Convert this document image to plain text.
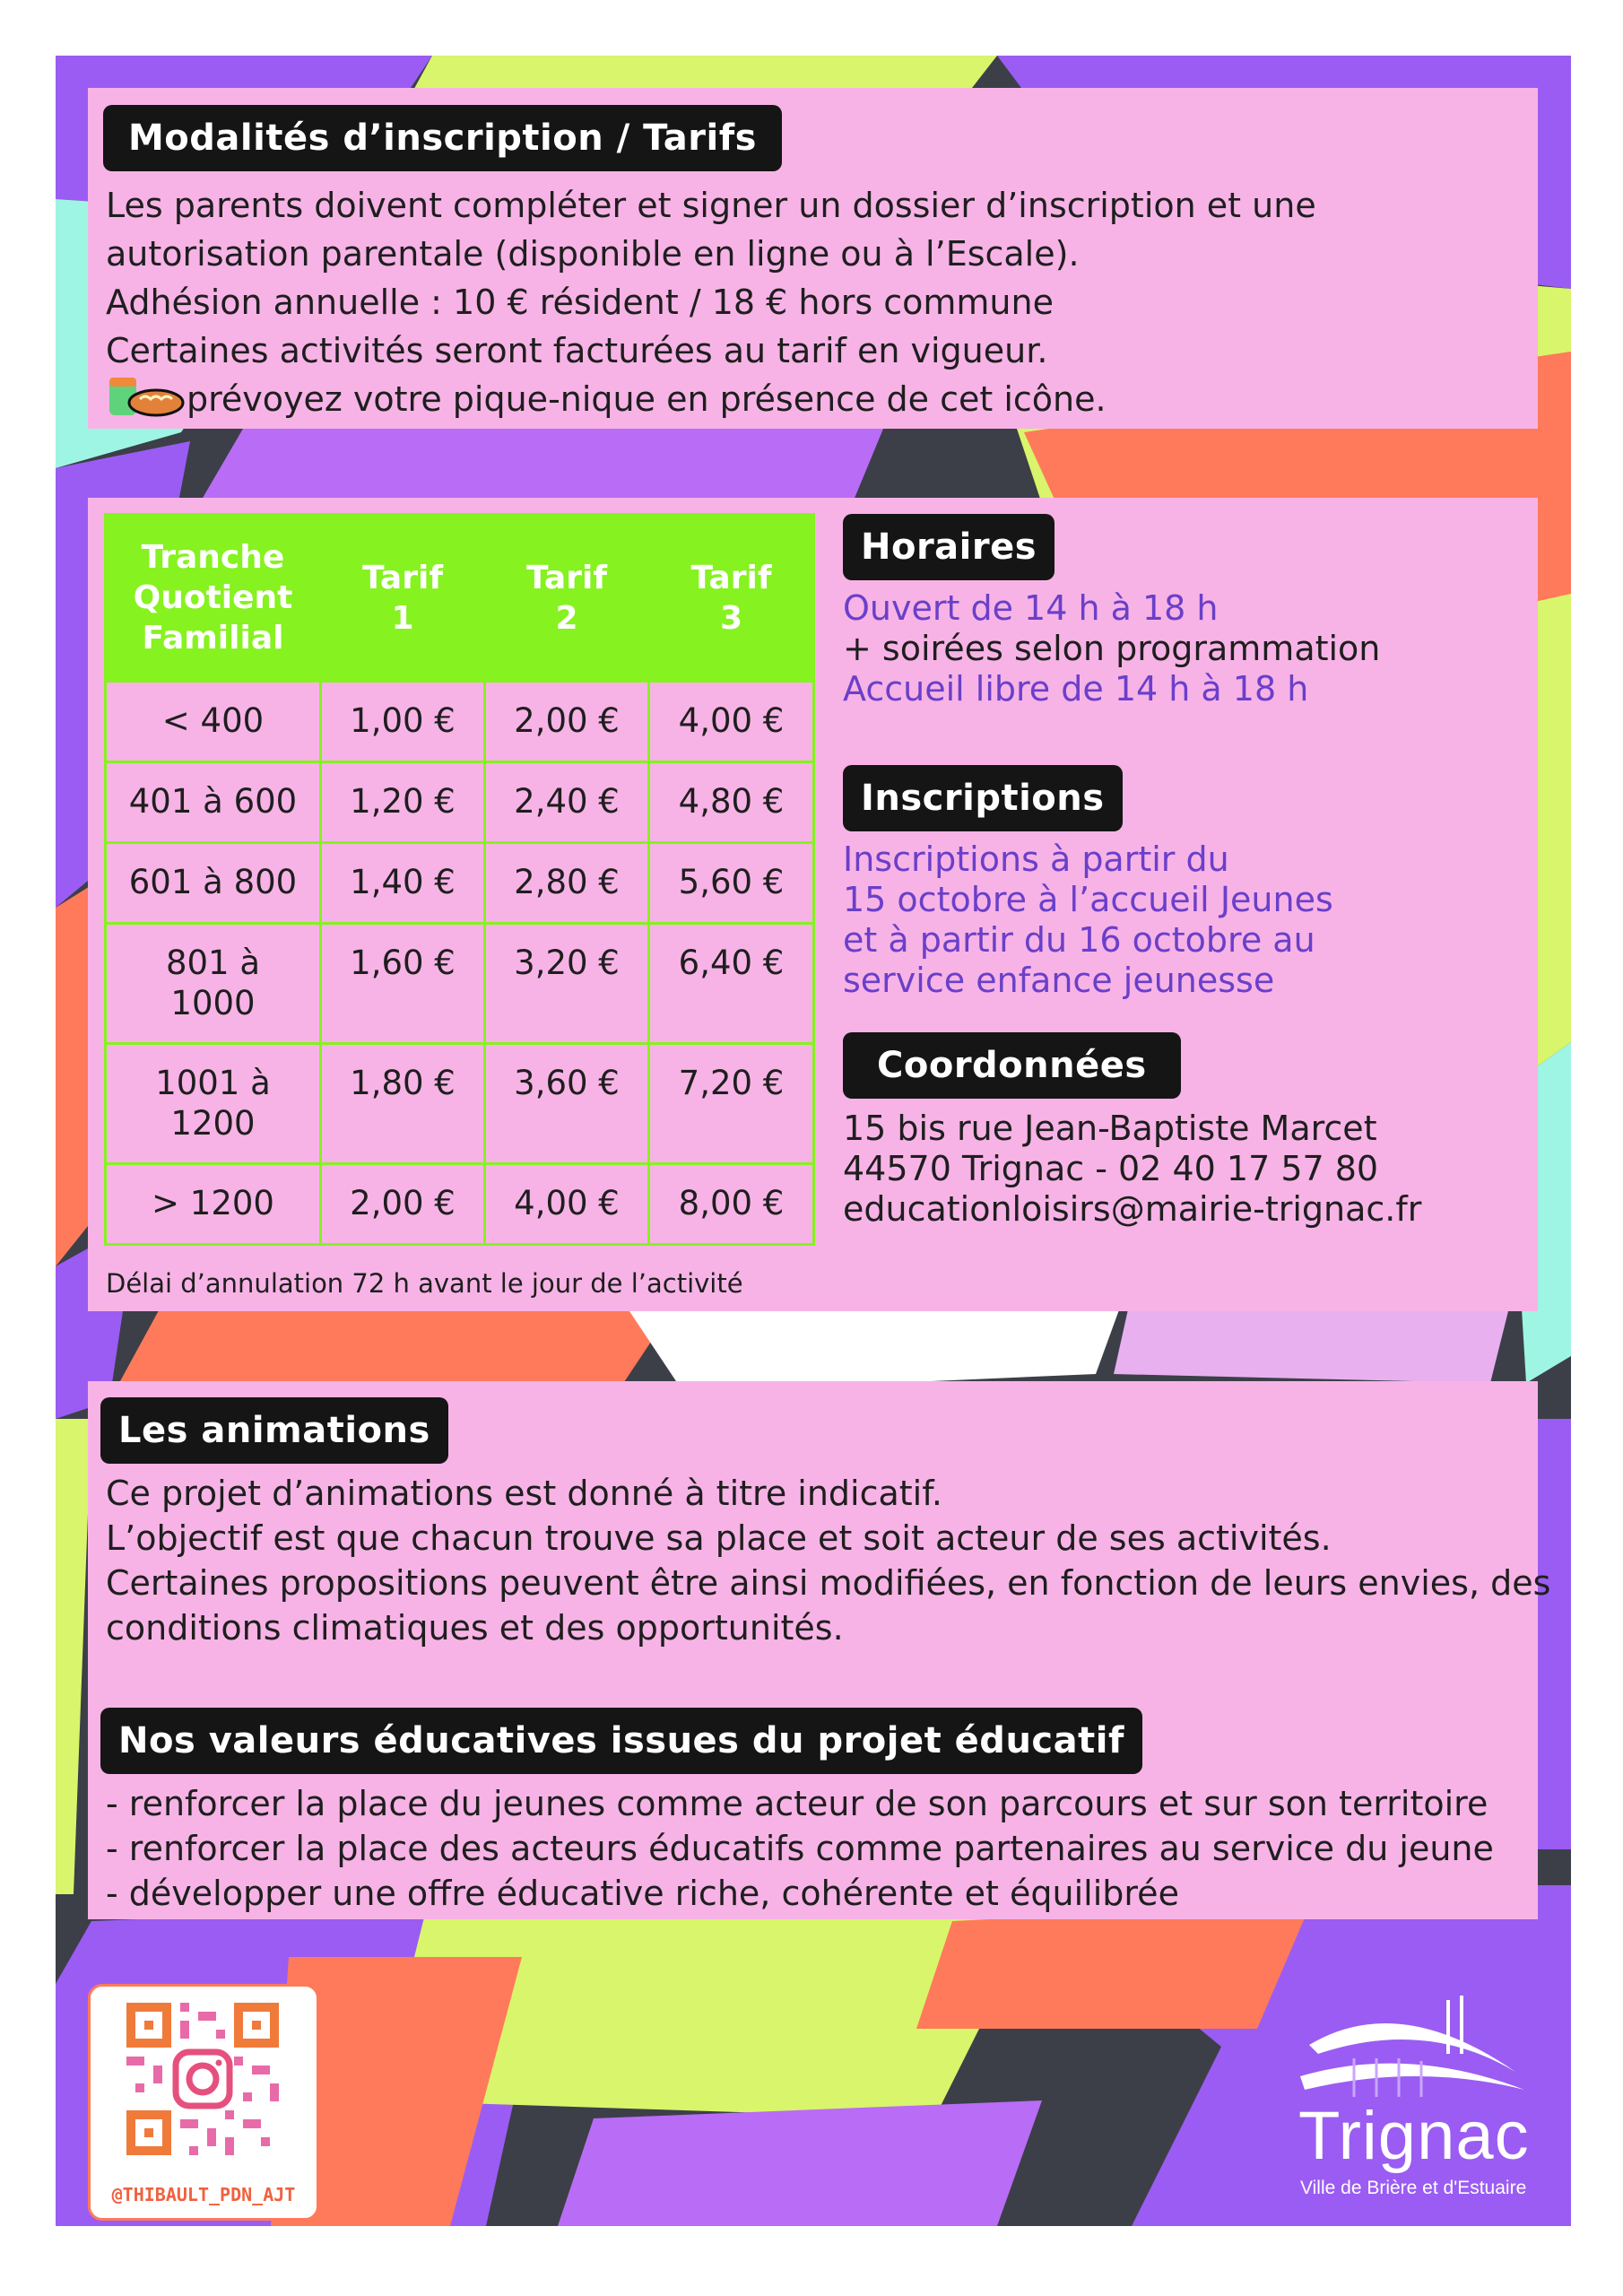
Modalités d’inscription / Tarifs
Les parents doivent compléter et signer un dossier d’inscription et une
autorisation parentale (disponible en ligne ou à l’Escale).
Adhésion annuelle : 10 € résident / 18 € hors commune
Certaines activités seront facturées au tarif en vigueur.
prévoyez votre pique-nique en présence de cet icône.
Tranche Quotient Familial	Tarif 1	Tarif 2	Tarif 3
< 400	1,00 €	2,00 €	4,00 €
401 à 600	1,20 €	2,40 €	4,80 €
601 à 800	1,40 €	2,80 €	5,60 €
801 à 1000	1,60 €	3,20 €	6,40 €
1001 à 1200	1,80 €	3,60 €	7,20 €
> 1200	2,00 €	4,00 €	8,00 €
Délai d’annulation 72 h avant le jour de l’activité
Horaires
Ouvert de 14 h à 18 h
+ soirées selon programmation
Accueil libre de 14 h à 18 h
Inscriptions
Inscriptions à partir du
15 octobre à l’accueil Jeunes
et à partir du 16 octobre au
service enfance jeunesse
Coordonnées
15 bis rue Jean-Baptiste Marcet
44570 Trignac - 02 40 17 57 80
educationloisirs@mairie-trignac.fr
Les animations
Ce projet d’animations est donné à titre indicatif.
L’objectif est que chacun trouve sa place et soit acteur de ses activités.
Certaines propositions peuvent être ainsi modifiées, en fonction de leurs envies, des
conditions climatiques et des opportunités.
Nos valeurs éducatives issues du projet éducatif
- renforcer la place du jeunes comme acteur de son parcours et sur son territoire
- renforcer la place des acteurs éducatifs comme partenaires au service du jeune
- développer une offre éducative riche, cohérente et équilibrée
@THIBAULT_PDN_AJT
Trignac
Ville de Brière et d'Estuaire
